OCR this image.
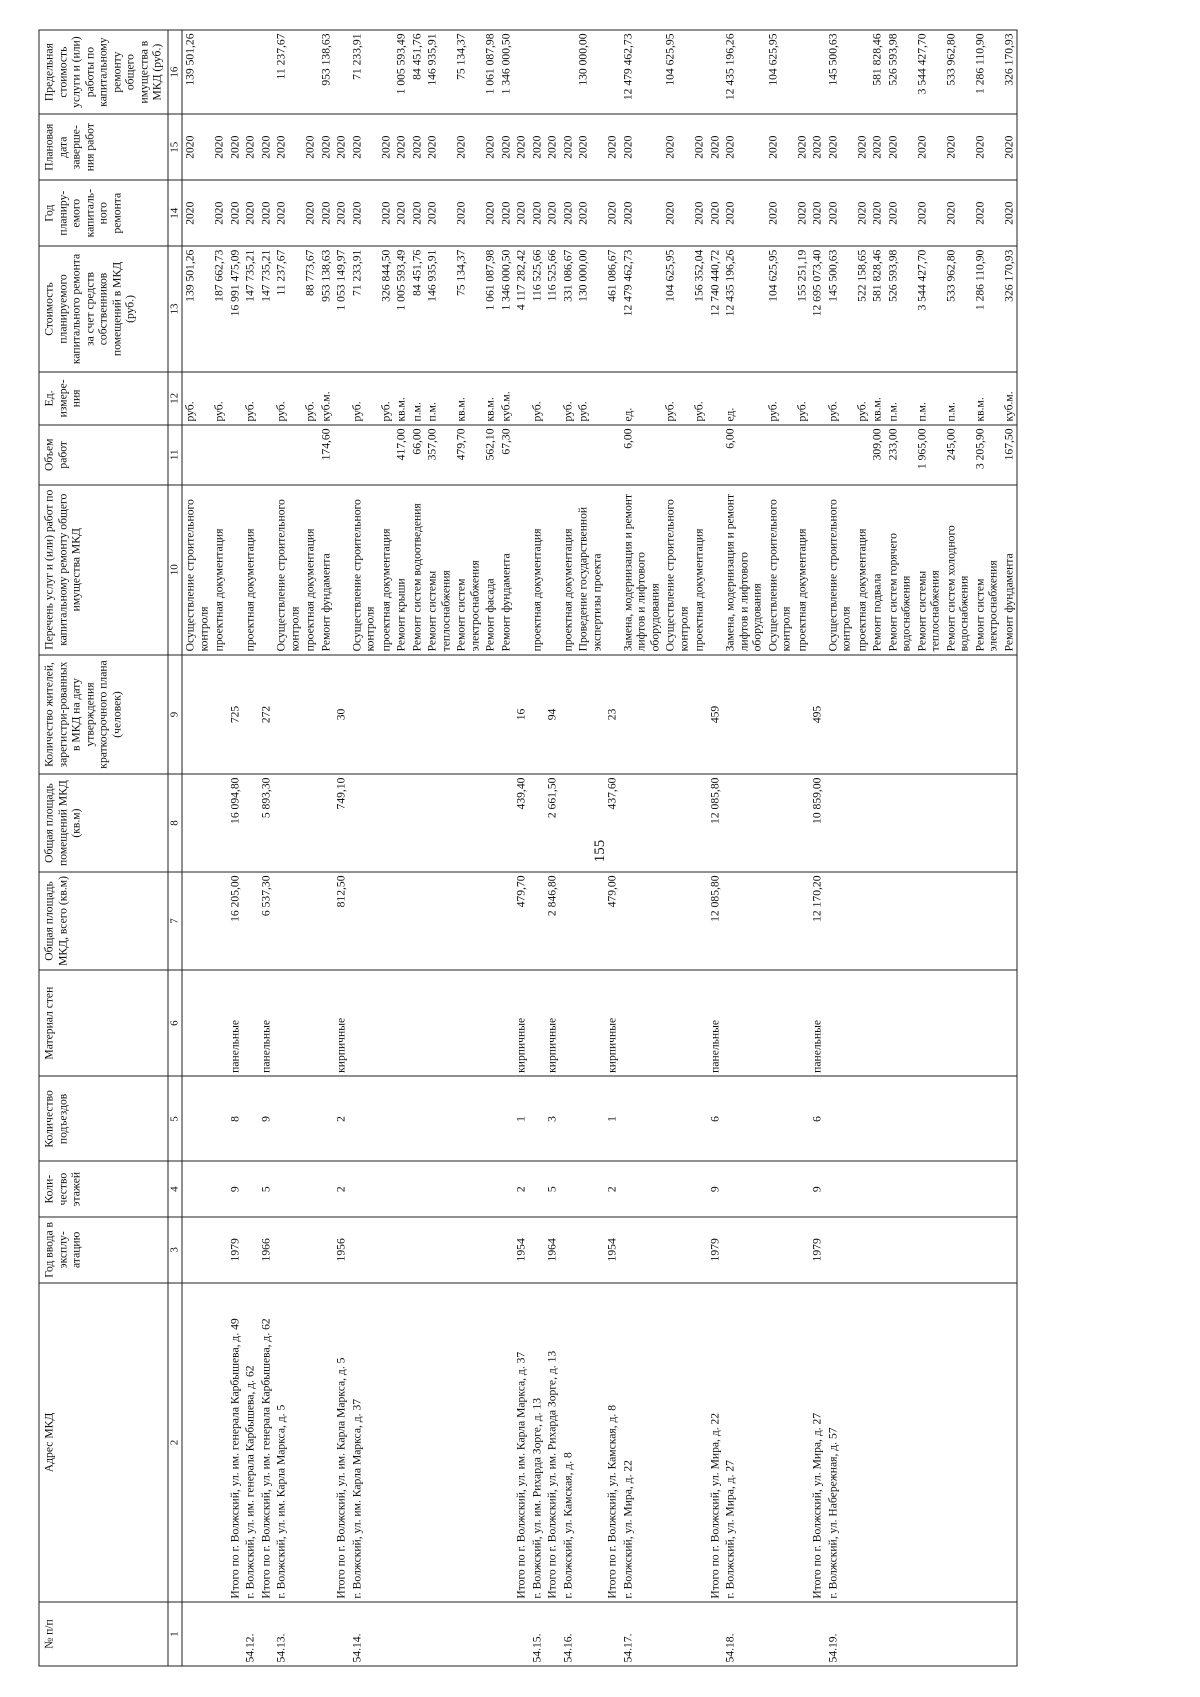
155
№ п/п	Адрес МКД	Год ввода в эксплу-атацию	Коли-чество этажей	Количество подъездов	Материал стен	Общая площадь МКД, всего (кв.м)	Общая площадь помещений МКД (кв.м)	Количество жителей, зарегистри-рованных в МКД на дату утверждения краткосрочного плана (человек)	Перечень услуг и (или) работ по капитальному ремонту общего имущества МКД	Объем работ	Ед. измере-ния	Стоимость планируемого капитального ремонта за счет средств собственников помещений в МКД (руб.)	Год планиру-емого капиталь-ного ремонта	Плановая дата заверше-ния работ	Предельная стоимость услуги и (или) работы по капитальному ремонту общего имущества в МКД (руб.)
1	2	3	4	5	6	7	8	9	10	11	12	13	14	15	16
									Осуществление строительного контроля		руб.	139 501,26	2020	2020	139 501,26
									проектная документация		руб.	187 662,73	2020	2020	
	Итого по г. Волжский, ул. им. генерала Карбышева, д. 49	1979	9	8	панельные	16 205,00	16 094,80	725				16 991 475,09	2020	2020	
54.12.	г. Волжский, ул. им. генерала Карбышева, д. 62								проектная документация		руб.	147 735,21	2020	2020	
	Итого по г. Волжский, ул. им. генерала Карбышева, д. 62	1966	5	9	панельные	6 537,30	5 893,30	272				147 735,21	2020	2020	
54.13.	г. Волжский, ул. им. Карла Маркса, д. 5								Осуществление строительного контроля		руб.	11 237,67	2020	2020	11 237,67
									проектная документация		руб.	88 773,67	2020	2020	
									Ремонт фундамента	174,60	куб.м.	953 138,63	2020	2020	953 138,63
	Итого по г. Волжский, ул. им. Карла Маркса, д. 5	1956	2	2	кирпичные	812,50	749,10	30				1 053 149,97	2020	2020	
54.14.	г. Волжский, ул. им. Карла Маркса, д. 37								Осуществление строительного контроля		руб.	71 233,91	2020	2020	71 233,91
									проектная документация		руб.	326 844,50	2020	2020	
									Ремонт крыши	417,00	кв.м.	1 005 593,49	2020	2020	1 005 593,49
									Ремонт систем водоотведения	66,00	п.м.	84 451,76	2020	2020	84 451,76
									Ремонт системы теплоснабжения	357,00	п.м.	146 935,91	2020	2020	146 935,91
									Ремонт систем электроснабжения	479,70	кв.м.	75 134,37	2020	2020	75 134,37
									Ремонт фасада	562,10	кв.м.	1 061 087,98	2020	2020	1 061 087,98
									Ремонт фундамента	67,30	куб.м.	1 346 000,50	2020	2020	1 346 000,50
	Итого по г. Волжский, ул. им. Карла Маркса, д. 37	1954	2	1	кирпичные	479,70	439,40	16				4 117 282,42	2020	2020	
54.15.	г. Волжский, ул. им. Рихарда Зорге, д. 13								проектная документация		руб.	116 525,66	2020	2020	
	Итого по г. Волжский, ул. им. Рихарда Зорге, д. 13	1964	5	3	кирпичные	2 846,80	2 661,50	94				116 525,66	2020	2020	
54.16.	г. Волжский, ул. Камская, д. 8								проектная документация		руб.	331 086,67	2020	2020	
									Проведение государственной экспертизы проекта		руб.	130 000,00	2020	2020	130 000,00
	Итого по г. Волжский, ул. Камская, д. 8	1954	2	1	кирпичные	479,00	437,60	23				461 086,67	2020	2020	
54.17.	г. Волжский, ул. Мира, д. 22								Замена, модернизация и ремонт лифтов и лифтового оборудования	6,00	ед.	12 479 462,73	2020	2020	12 479 462,73
									Осуществление строительного контроля		руб.	104 625,95	2020	2020	104 625,95
									проектная документация		руб.	156 352,04	2020	2020	
	Итого по г. Волжский, ул. Мира, д. 22	1979	9	6	панельные	12 085,80	12 085,80	459				12 740 440,72	2020	2020	
54.18.	г. Волжский, ул. Мира, д. 27								Замена, модернизация и ремонт лифтов и лифтового оборудования	6,00	ед.	12 435 196,26	2020	2020	12 435 196,26
									Осуществление строительного контроля		руб.	104 625,95	2020	2020	104 625,95
									проектная документация		руб.	155 251,19	2020	2020	
	Итого по г. Волжский, ул. Мира, д. 27	1979	9	6	панельные	12 170,20	10 859,00	495				12 695 073,40	2020	2020	
54.19.	г. Волжский, ул. Набережная, д. 57								Осуществление строительного контроля		руб.	145 500,63	2020	2020	145 500,63
									проектная документация		руб.	522 158,65	2020	2020	
									Ремонт подвала	309,00	кв.м.	581 828,46	2020	2020	581 828,46
									Ремонт систем горячего водоснабжения	233,00	п.м.	526 593,98	2020	2020	526 593,98
									Ремонт системы теплоснабжения	1 965,00	п.м.	3 544 427,70	2020	2020	3 544 427,70
									Ремонт систем холодного водоснабжения	245,00	п.м.	533 962,80	2020	2020	533 962,80
									Ремонт систем электроснабжения	3 205,90	кв.м.	1 286 110,90	2020	2020	1 286 110,90
									Ремонт фундамента	167,50	куб.м.	326 170,93	2020	2020	326 170,93
